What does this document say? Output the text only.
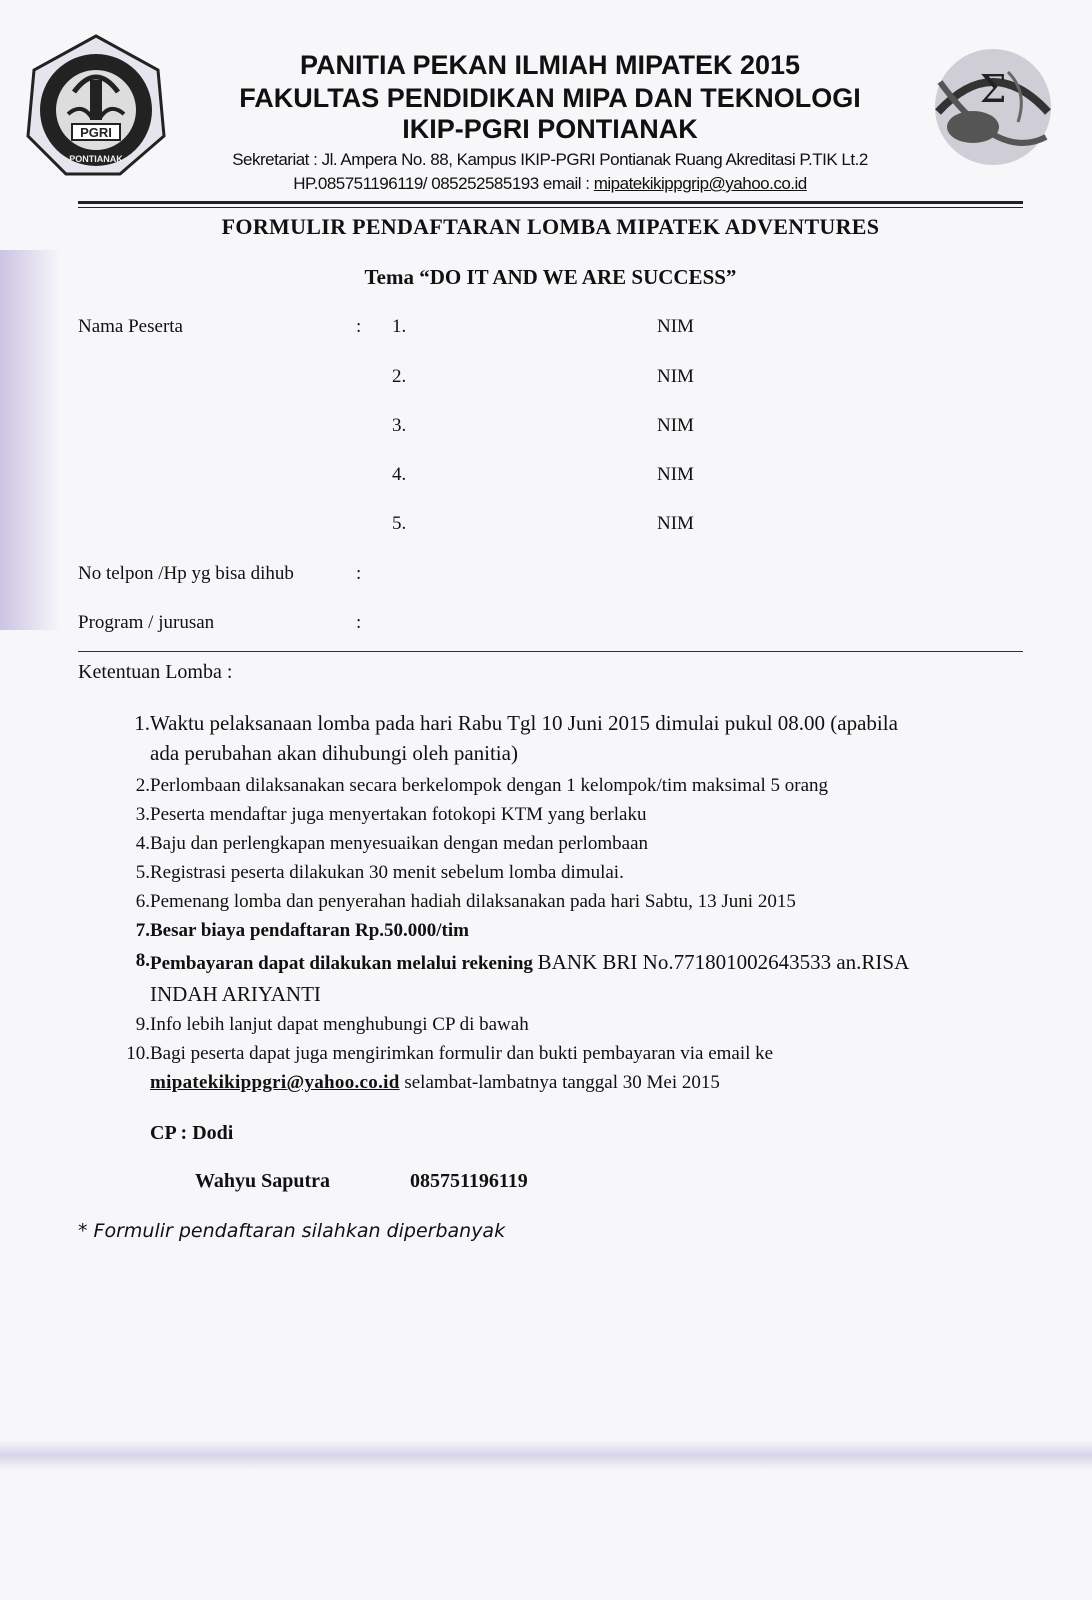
PGRI
PONTIANAK
Σ
PANITIA PEKAN ILMIAH MIPATEK 2015
FAKULTAS PENDIDIKAN MIPA DAN TEKNOLOGI
IKIP-PGRI PONTIANAK
Sekretariat : Jl. Ampera No. 88, Kampus IKIP-PGRI Pontianak Ruang Akreditasi P.TIK Lt.2
HP.085751196119/ 085252585193 email : mipatekikippgrip@yahoo.co.id
FORMULIR PENDAFTARAN LOMBA MIPATEK ADVENTURES
Tema “DO IT AND WE ARE SUCCESS”
Nama Peserta	: 1.	NIM
2.	NIM
3.	NIM
4.	NIM
5.	NIM
No telpon /Hp yg bisa dihub	:
Program / jurusan	:
Ketentuan Lomba :
1. Waktu pelaksanaan lomba pada hari Rabu Tgl 10 Juni 2015 dimulai pukul 08.00 (apabila
ada perubahan akan dihubungi oleh panitia)
2. Perlombaan dilaksanakan secara berkelompok dengan 1 kelompok/tim maksimal 5 orang
3. Peserta mendaftar juga menyertakan fotokopi KTM yang berlaku
4. Baju dan perlengkapan menyesuaikan dengan medan perlombaan
5. Registrasi peserta dilakukan 30 menit sebelum lomba dimulai.
6. Pemenang lomba dan penyerahan hadiah dilaksanakan pada hari Sabtu, 13 Juni 2015
7. Besar biaya pendaftaran Rp.50.000/tim
8. Pembayaran dapat dilakukan melalui rekening BANK BRI No.771801002643533 an.RISA
INDAH ARIYANTI
9. Info lebih lanjut dapat menghubungi CP di bawah
10. Bagi peserta dapat juga mengirimkan formulir dan bukti pembayaran via email ke
mipatekikippgri@yahoo.co.id selambat-lambatnya tanggal 30 Mei 2015
CP : Dodi
Wahyu Saputra	085751196119
* Formulir pendaftaran silahkan diperbanyak
